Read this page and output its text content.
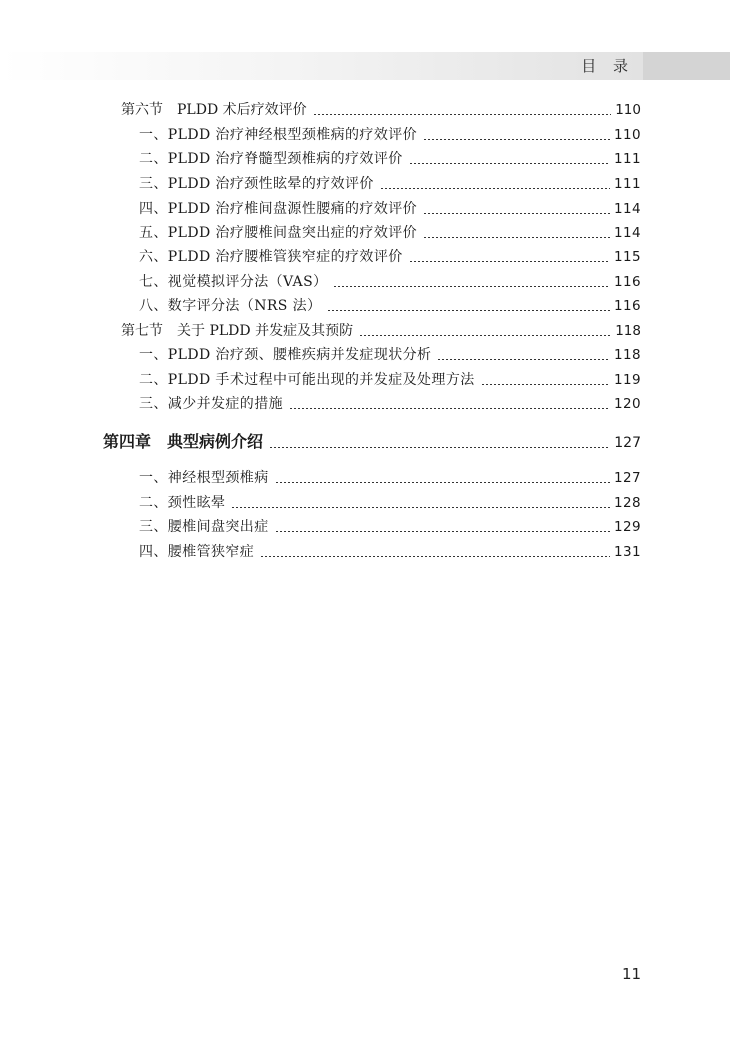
目 录
第六节　PLDD 术后疗效评价	110
一、PLDD 治疗神经根型颈椎病的疗效评价	110
二、PLDD 治疗脊髓型颈椎病的疗效评价	111
三、PLDD 治疗颈性眩晕的疗效评价	111
四、PLDD 治疗椎间盘源性腰痛的疗效评价	114
五、PLDD 治疗腰椎间盘突出症的疗效评价	114
六、PLDD 治疗腰椎管狭窄症的疗效评价	115
七、视觉模拟评分法（VAS）	116
八、数字评分法（NRS 法）	116
第七节　关于 PLDD 并发症及其预防	118
一、PLDD 治疗颈、腰椎疾病并发症现状分析	118
二、PLDD 手术过程中可能出现的并发症及处理方法	119
三、减少并发症的措施	120
第四章　典型病例介绍	127
一、神经根型颈椎病	127
二、颈性眩晕	128
三、腰椎间盘突出症	129
四、腰椎管狭窄症	131
11
